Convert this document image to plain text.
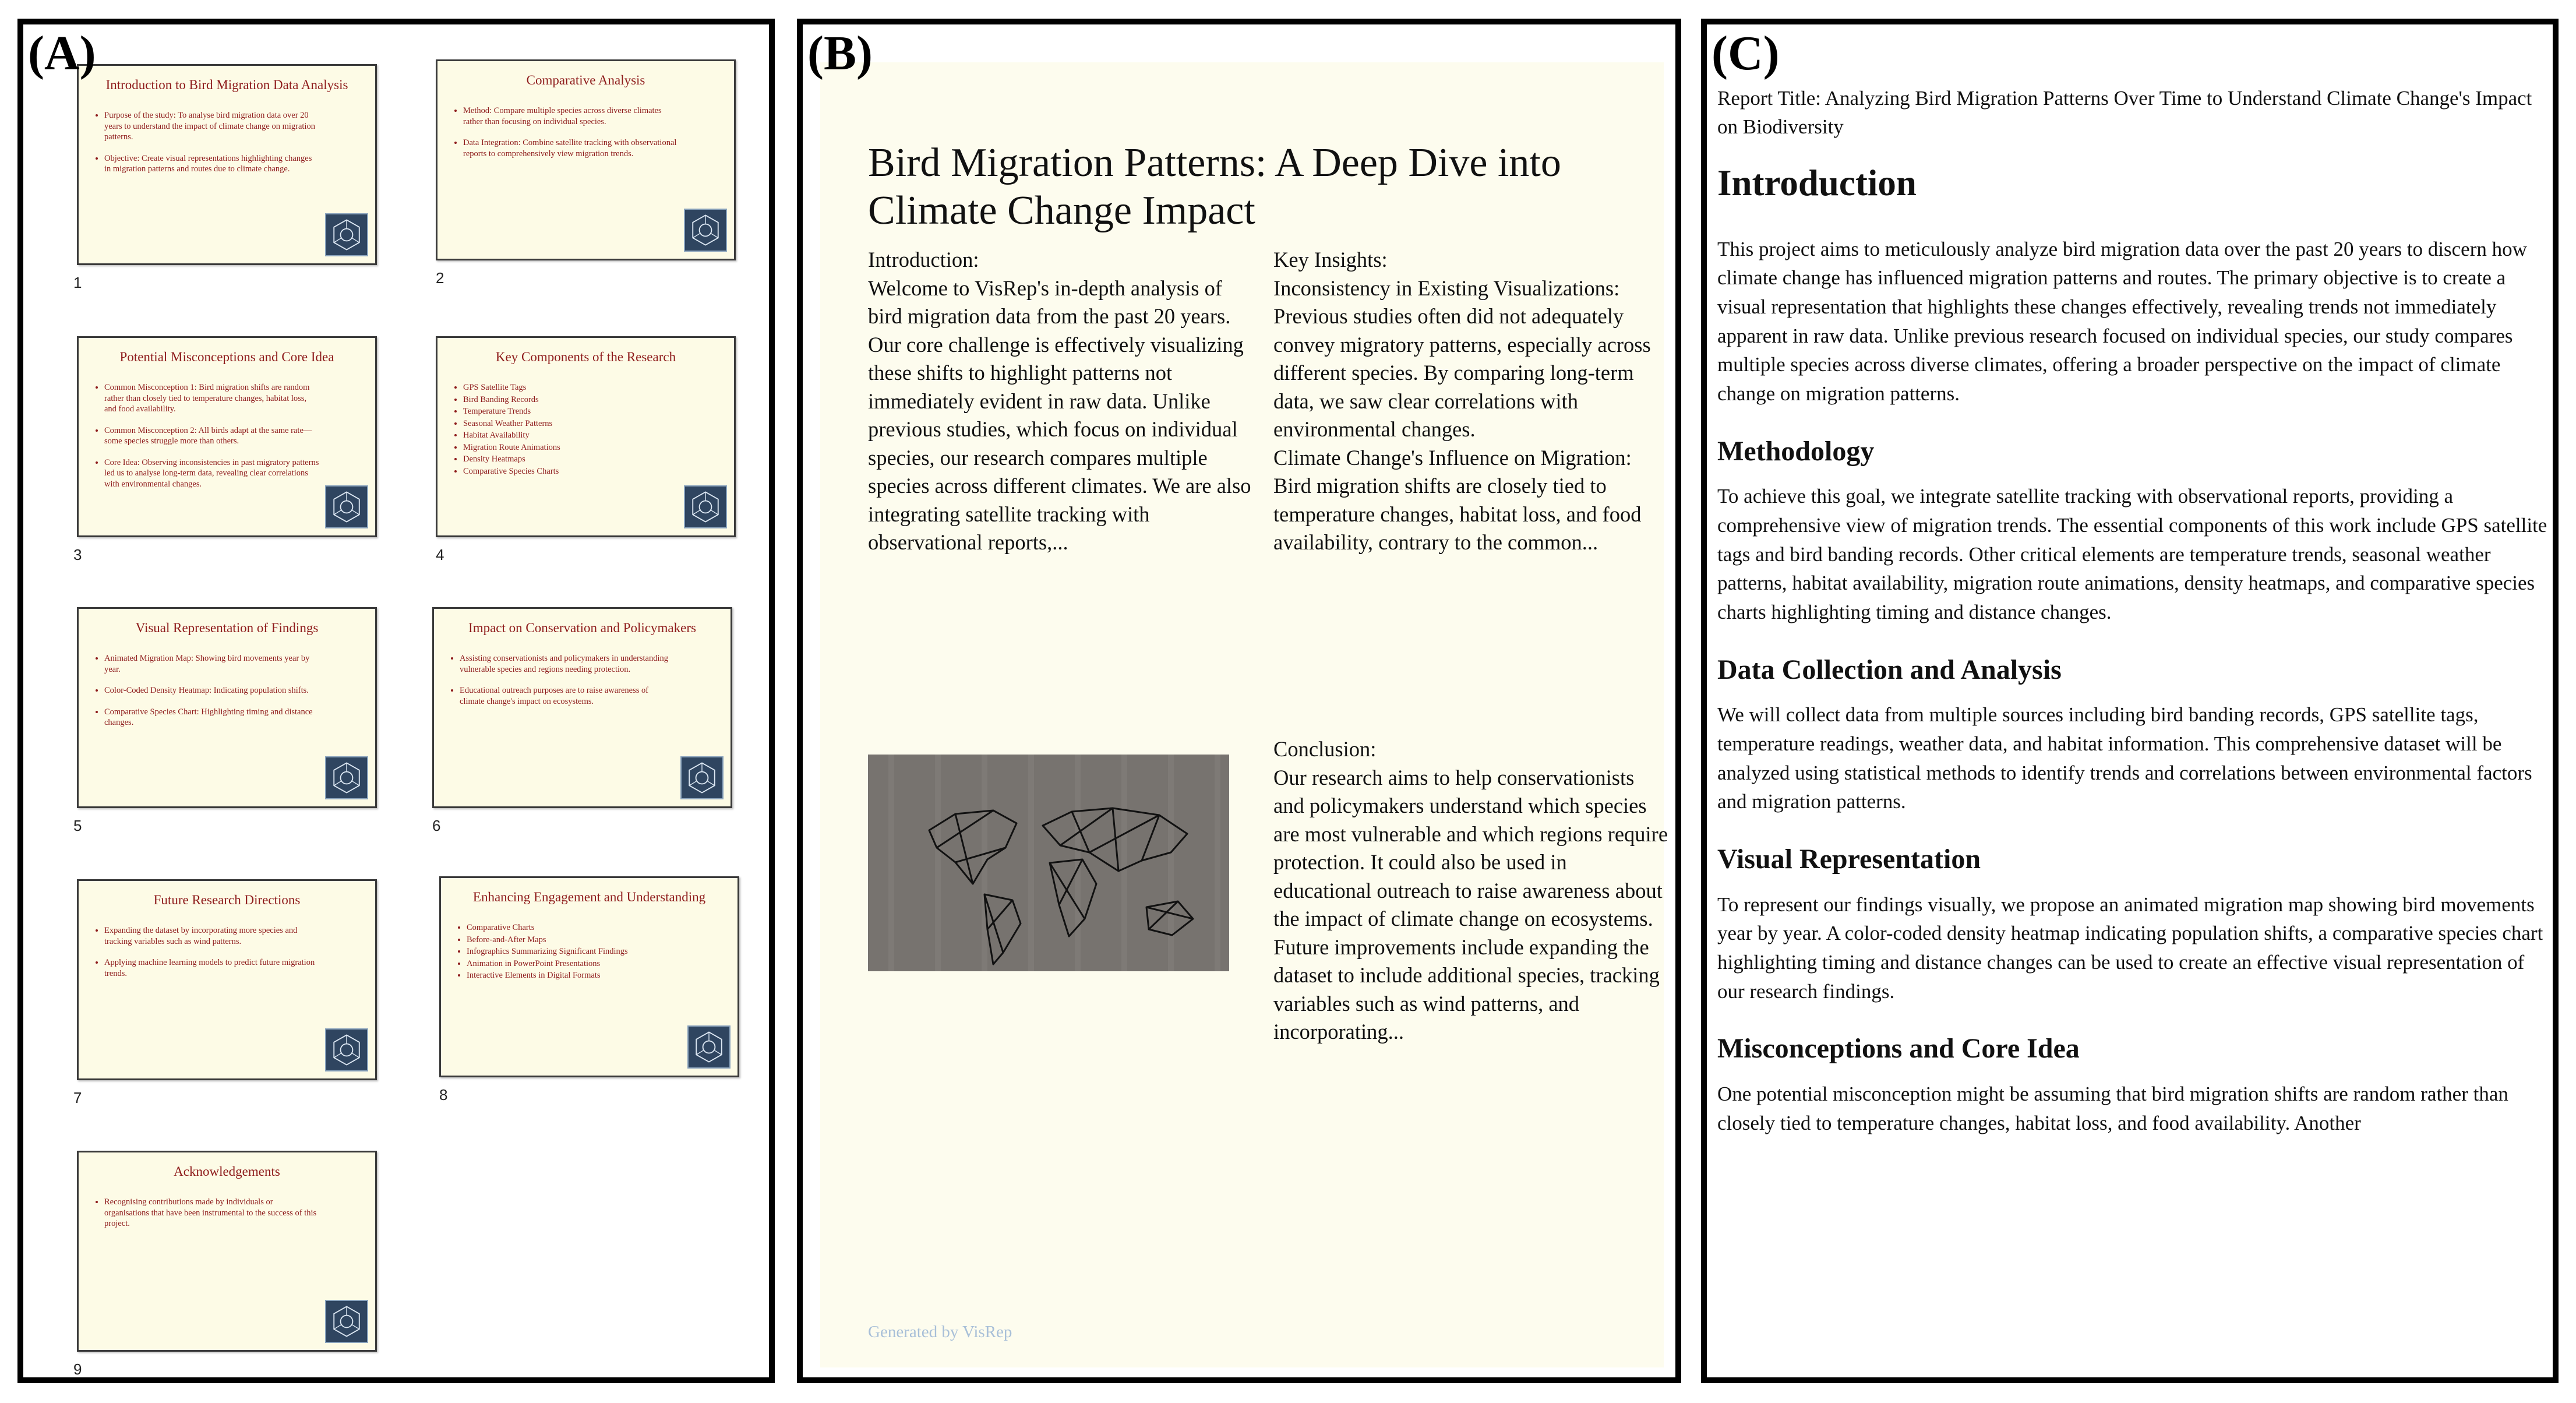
(A)
Introduction to Bird Migration Data Analysis
• Purpose of the study: To analyse bird migration data over 20 years to understand the impact of climate change on migration patterns.
• Objective: Create visual representations highlighting changes in migration patterns and routes due to climate change.
1
Comparative Analysis
• Method: Compare multiple species across diverse climates rather than focusing on individual species.
• Data Integration: Combine satellite tracking with observational reports to comprehensively view migration trends.
2
Potential Misconceptions and Core Idea
• Common Misconception 1: Bird migration shifts are random rather than closely tied to temperature changes, habitat loss, and food availability.
• Common Misconception 2: All birds adapt at the same rate—some species struggle more than others.
• Core Idea: Observing inconsistencies in past migratory patterns led us to analyse long-term data, revealing clear correlations with environmental changes.
3
Key Components of the Research
• GPS Satellite Tags
• Bird Banding Records
• Temperature Trends
• Seasonal Weather Patterns
• Habitat Availability
• Migration Route Animations
• Density Heatmaps
• Comparative Species Charts
4
Visual Representation of Findings
• Animated Migration Map: Showing bird movements year by year.
• Color-Coded Density Heatmap: Indicating population shifts.
• Comparative Species Chart: Highlighting timing and distance changes.
5
Impact on Conservation and Policymakers
• Assisting conservationists and policymakers in understanding vulnerable species and regions needing protection.
• Educational outreach purposes are to raise awareness of climate change's impact on ecosystems.
6
Future Research Directions
• Expanding the dataset by incorporating more species and tracking variables such as wind patterns.
• Applying machine learning models to predict future migration trends.
7
Enhancing Engagement and Understanding
• Comparative Charts
• Before-and-After Maps
• Infographics Summarizing Significant Findings
• Animation in PowerPoint Presentations
• Interactive Elements in Digital Formats
8
Acknowledgements
• Recognising contributions made by individuals or organisations that have been instrumental to the success of this project.
9
(B)
Bird Migration Patterns: A Deep Dive into Climate Change Impact
Introduction:
Welcome to VisRep's in-depth analysis of bird migration data from the past 20 years. Our core challenge is effectively visualizing these shifts to highlight patterns not immediately evident in raw data. Unlike previous studies, which focus on individual species, our research compares multiple species across different climates. We are also integrating satellite tracking with observational reports,...
Key Insights:
Inconsistency in Existing Visualizations: Previous studies often did not adequately convey migratory patterns, especially across different species. By comparing long-term data, we saw clear correlations with environmental changes.
Climate Change's Influence on Migration:
Bird migration shifts are closely tied to temperature changes, habitat loss, and food availability, contrary to the common...
Conclusion:
Our research aims to help conservationists and policymakers understand which species are most vulnerable and which regions require protection. It could also be used in educational outreach to raise awareness about the impact of climate change on ecosystems. Future improvements include expanding the dataset to include additional species, tracking variables such as wind patterns, and incorporating...
Generated by VisRep
(C)

Report Title: Analyzing Bird Migration Patterns Over Time to Understand Climate Change's Impact on Biodiversity

Introduction

This project aims to meticulously analyze bird migration data over the past 20 years to discern how climate change has influenced migration patterns and routes. The primary objective is to create a visual representation that highlights these changes effectively, revealing trends not immediately apparent in raw data. Unlike previous research focused on individual species, our study compares multiple species across diverse climates, offering a broader perspective on the impact of climate change on migration patterns.

Methodology

To achieve this goal, we integrate satellite tracking with observational reports, providing a comprehensive view of migration trends. The essential components of this work include GPS satellite tags and bird banding records. Other critical elements are temperature trends, seasonal weather patterns, habitat availability, migration route animations, density heatmaps, and comparative species charts highlighting timing and distance changes.

Data Collection and Analysis

We will collect data from multiple sources including bird banding records, GPS satellite tags, temperature readings, weather data, and habitat information. This comprehensive dataset will be analyzed using statistical methods to identify trends and correlations between environmental factors and migration patterns.

Visual Representation

To represent our findings visually, we propose an animated migration map showing bird movements year by year. A color-coded density heatmap indicating population shifts, a comparative species chart highlighting timing and distance changes can be used to create an effective visual representation of our research findings.

Misconceptions and Core Idea

One potential misconception might be assuming that bird migration shifts are random rather than closely tied to temperature changes, habitat loss, and food availability. Another
